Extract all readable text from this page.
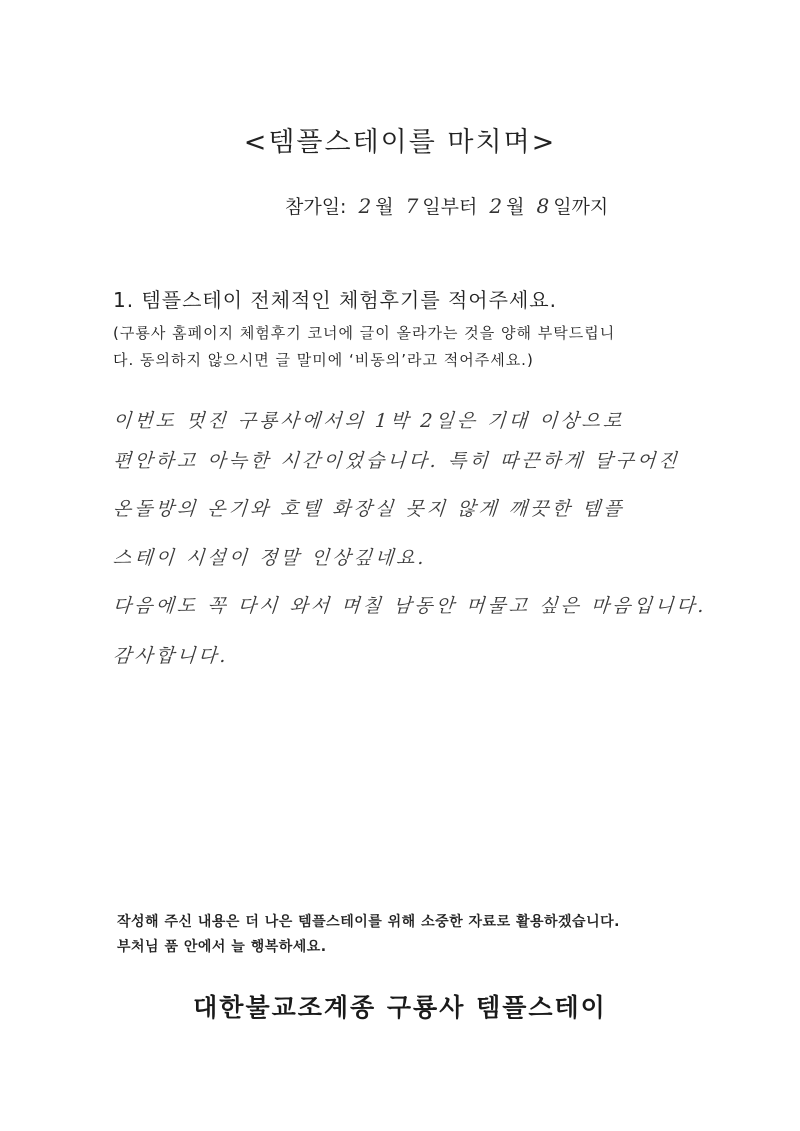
<템플스테이를 마치며>
참가일: 2 월 7 일부터 2 월 8 일까지
1. 템플스테이 전체적인 체험후기를 적어주세요.
(구룡사 홈페이지 체험후기 코너에 글이 올라가는 것을 양해 부탁드립니
다. 동의하지 않으시면 글 말미에 ‘비동의’라고 적어주세요.)
이번도 멋진 구룡사에서의 1박 2일은 기대 이상으로
편안하고 아늑한 시간이었습니다. 특히 따끈하게 달구어진
온돌방의 온기와 호텔 화장실 못지 않게 깨끗한 템플
스테이 시설이 정말 인상깊네요.
다음에도 꼭 다시 와서 며칠 남동안 머물고 싶은 마음입니다.
감사합니다.
작성해 주신 내용은 더 나은 템플스테이를 위해 소중한 자료로 활용하겠습니다.
부처님 품 안에서 늘 행복하세요.
대한불교조계종 구룡사 템플스테이
